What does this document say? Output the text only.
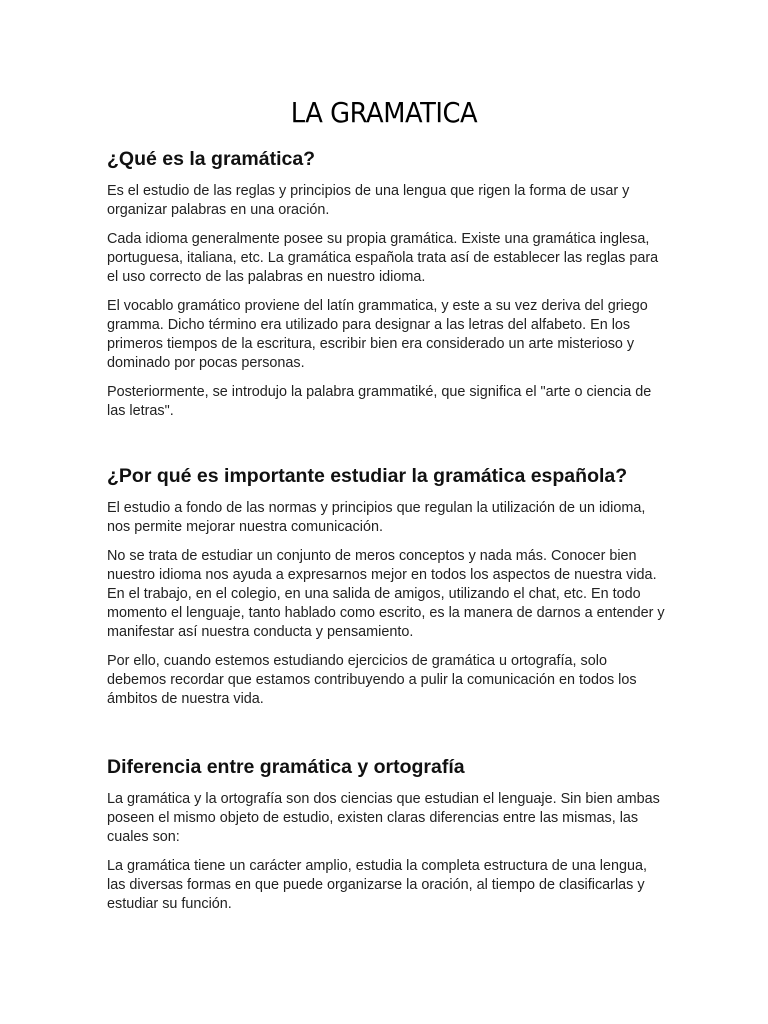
LA GRAMATICA
¿Qué es la gramática?

Es el estudio de las reglas y principios de una lengua que rigen la forma de usar y organizar palabras en una oración.

Cada idioma generalmente posee su propia gramática. Existe una gramática inglesa, portuguesa, italiana, etc. La gramática española trata así de establecer las reglas para el uso correcto de las palabras en nuestro idioma.

El vocablo gramático proviene del latín grammatica, y este a su vez deriva del griego gramma. Dicho término era utilizado para designar a las letras del alfabeto. En los primeros tiempos de la escritura, escribir bien era considerado un arte misterioso y dominado por pocas personas.

Posteriormente, se introdujo la palabra grammatiké, que significa el "arte o ciencia de las letras".

¿Por qué es importante estudiar la gramática española?

El estudio a fondo de las normas y principios que regulan la utilización de un idioma, nos permite mejorar nuestra comunicación.

No se trata de estudiar un conjunto de meros conceptos y nada más. Conocer bien nuestro idioma nos ayuda a expresarnos mejor en todos los aspectos de nuestra vida. En el trabajo, en el colegio, en una salida de amigos, utilizando el chat, etc. En todo momento el lenguaje, tanto hablado como escrito, es la manera de darnos a entender y manifestar así nuestra conducta y pensamiento.

Por ello, cuando estemos estudiando ejercicios de gramática u ortografía, solo debemos recordar que estamos contribuyendo a pulir la comunicación en todos los ámbitos de nuestra vida.

Diferencia entre gramática y ortografía

La gramática y la ortografía son dos ciencias que estudian el lenguaje. Sin bien ambas poseen el mismo objeto de estudio, existen claras diferencias entre las mismas, las cuales son:

La gramática tiene un carácter amplio, estudia la completa estructura de una lengua, las diversas formas en que puede organizarse la oración, al tiempo de clasificarlas y estudiar su función.
